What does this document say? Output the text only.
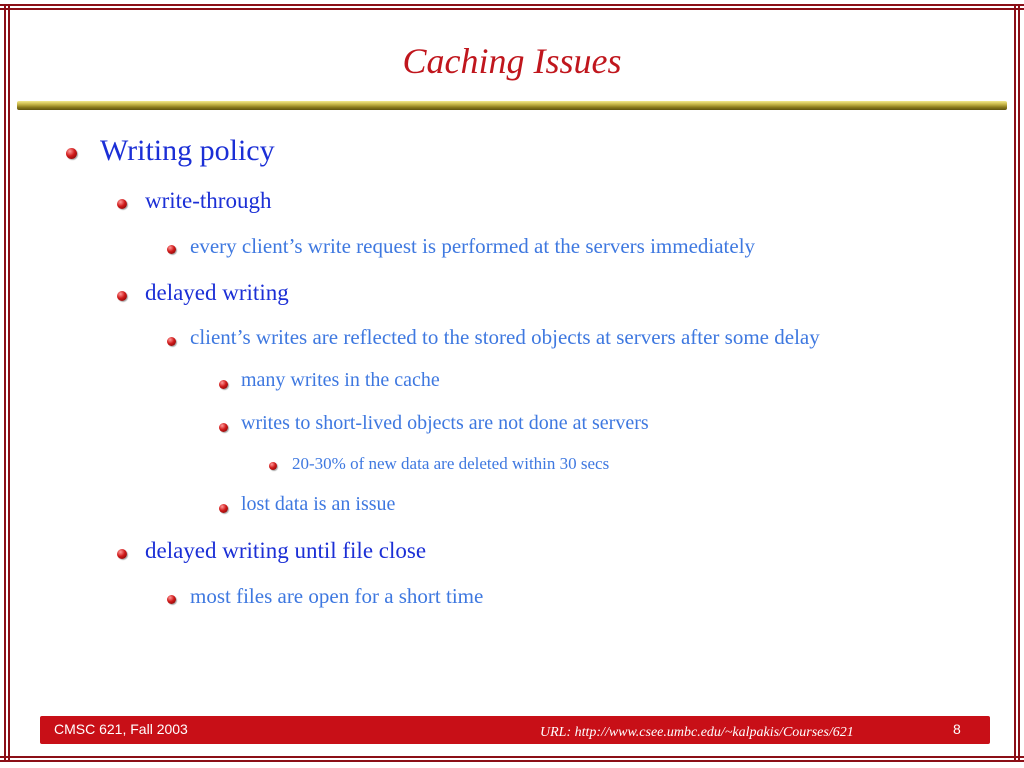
Caching Issues
Writing policy
write-through
every client’s write request is performed at the servers immediately
delayed writing
client’s writes are reflected to the stored objects at servers after some delay
many writes in the cache
writes to short-lived objects are not done at servers
20-30% of new data are deleted within 30 secs
lost data is an issue
delayed writing until file close
most files are open for a short time
CMSC 621, Fall 2003	URL: http://www.csee.umbc.edu/~kalpakis/Courses/621	8
